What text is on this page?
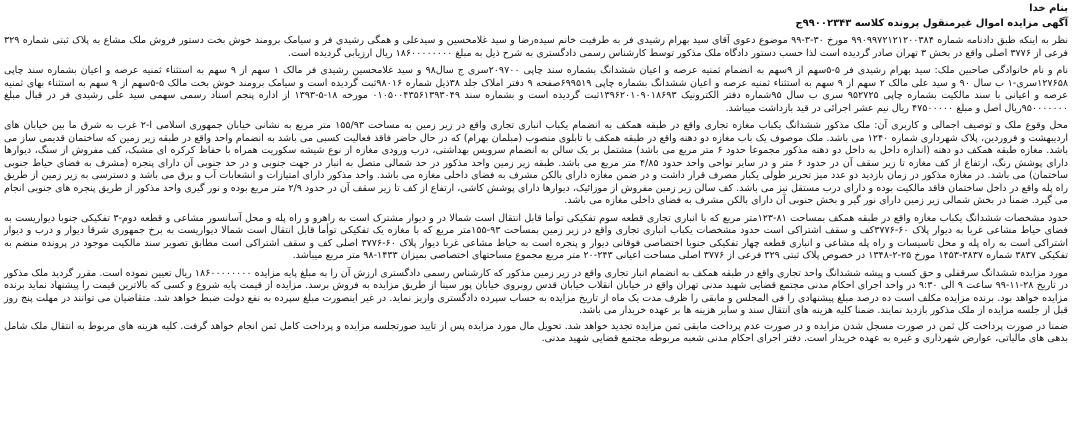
بنام خدا
آگهی مزایده اموال غیرمنقول پرونده کلاسه ۹۹۰۰۲۳۴۳ج

نظر به اینکه طبق دادنامه شماره ۹۹۰۹۹۷۲۱۲۱۲۰۰۳۸۴ مورخ ۳۰-۳-۹۹ موضوع دعوی آقای سید بهرام رشیدی فر به طرفیت خانم سیده‌رضا و سید غلامحسین و سید‌علی و همگی رشیدی فر و سیامک برومند خوش بخت دستور فروش ملک مشاع به پلاک ثبتی شماره ۳۲۹ فرعی از ۳۷۷۶ اصلی واقع در بخش ۳ تهران صادر گردیده است لذا حسب دستور دادگاه ملک مذکور توسط کارشناس رسمی دادگستری به شرح ذیل به مبلغ ۱۸۶۰۰۰۰۰۰۰۰ ریال ارزیابی گردیده است.

نام و نام خانوادگی صاحبین ملک: سید بهرام رشیدی فر ۵-۵سهم از ۹سهم به انضمام ثمنیه عرصه و اعیان ششدانگ بشماره سند چاپی ۲۰۹۷۰۰سری ج سال۹۸ و سید غلامحسین رشیدی فر مالک ۱ سهم از ۹ سهم به استثناء ثمنیه عرصه و اعیان بشماره سند چاپی ۱۲۷۶۵۸سری-۱ ب سال ۹۰ و سید علی مالک ۲ سهم از ۹ سهم به استثناء ثمنیه عرصه و اعیان ششدانگ بشماره چاپی ۶۹۹۵۱۹صفحه ۹ دفتر املاک جلد ۳۸ذیل شماره ۹۸۰۱۶ثبت گردیده است و سیامک برومند خوش بخت مالک ۵-۵سهم از ۹ سهم به استثناء بهای ثمنیه عرصه و اعیانی با سند مالکیت بشماره چاپی ۹۵۲۷۲۵ سری ب سال ۹۵شماره دفتر الکترونیک ۱۳۹۶۲۰۱۰۹۰۱۸۶۹۳ثبت گردیده است و بشماره سند ۰۱۰۵۰۰۴۳۵۶۱۳۹۳۰۴۹ مورخه ۱۸-۵-۱۳۹۳ از اداره پنجم اسناد رسمی سهمی سید علی رشیدی فر در قبال مبلغ ۹۵۰۰۰۰۰۰۰ریال اصل و مبلغ ۴۷۵۰۰۰۰۰ ریال نیم عشر اجرائی در قید بازداشت میباشد.

محل وقوع ملک و توصیف اجمالی و کاربری آن: ملک مذکور ششدانگ یکباب مغازه تجاری واقع در طبقه همکف به انضمام یکباب انباری تجاری واقع در زیر زمین به مساحت ۱۵۵/۹۳ متر مربع به نشانی خیابان جمهوری اسلامی ا-۲ غرب به شرق ما بین خیابان های اردیبهشت و فروردین، پلاک شهرداری شماره ۱۲۴۰ می باشد. ملک موصوف یک باب مغازه دو دهنه واقع در طبقه همکف با تابلوی منصوب (مبلمان بهرام) که در حال حاضر فاقد فعالیت کسبی می باشد به انضمام واحد واقع در طبقه زیر زمین که ساختمان قدیمی ساز می باشد. مغازه طبقه همکف دو دهنه (اندازه داخل به داخل دو دهنه مذکور مجموعا حدود ۶ متر مربع می باشد) مشتمل بر یک سالن به انضمام سرویس بهداشتی، درب ورودی مغازه از نوع شیشه سکوریت همراه با حفاظ کرکره ای مشبک، کف مفروش از سنگ، دیوارها دارای پوشش رنگ، ارتفاع از کف مغازه تا زیر سقف آن در حدود ۶ متر و در سایر نواحی واحد حدود ۴/۸۵ متر مربع می باشد. طبقه زیر زمین واحد مذکور در حد شمالی متصل به انبار در جهت جنوبی و در حد جنوبی آن دارای پنجره (مشرف به فضای حیاط جنوبی ساختمان) می باشد. در مغازه مذکور در زمان بازدید دو عدد میز تحریر طولی یکبار مصرف قرار داشت و در ضمن مغازه دارای بالکن مشرف به فضای داخلی مغازه می باشد. واحد مذکور دارای امتیازات و انشعابات آب و برق می باشد و دسترسی به زیر زمین از طریق راه پله واقع در داخل ساختمان فاقد مالکیت بوده و دارای درب مستقل نیز می باشد. کف سالن زیر زمین مفروش از موزائیک، دیوارها دارای پوشش کاشی، ارتفاع از کف تا زیر سقف آن در حدود ۲/۹ متر مربع بوده و نور گیری واحد مذکور از طریق پنجره های جنوبی انجام می گیرد. ضمنا در بخش شمالی زیر زمین دارای نور گیر و بخش جنوبی آن دارای بالکن مشرف به فضای داخلی مغازه می باشد.

حدود مشخصات ششدانگ یکباب مغازه واقع در طبقه همکف بمساحت ۸۱-۱۲۳متر مربع که با انباری تجاری قطعه سوم تفکیکی توأما قابل انتقال است شمالا در و دیوار مشترک است به راهرو و راه پله و محل آسانسور مشاعی و قطعه دوم-۳ تفکیکی جنوبا دیواریست به فضای حیاط مشاعی غربا به دیوار پلاک ۶۰-۳۷۷۶کف و سقف اشتراکی است حدود مشخصات یکباب انباری تجاری واقع در زیر زمین بمساحت ۹۳-۱۵۵متر مربع که با مغازه یک تفکیکی توأما قابل انتقال است شمالا دیواریست به برخ جمهوری شرقا دیوار و درب و دیوار اشتراکی است به راه پله و محل تاسیسات و راه پله مشاعی و انباری قطعه چهار تفکیکی جنوبا اختصاصی فوقانی دیوار و پنجره است به حیاط مشاعی غربا دیوار پلاک ۶۰-۳۷۷۶ اصلی کف و سقف اشتراکی است مطابق تصویر سند مالکیت موجود در پرونده منضم به تفکیکی ۳۸۳۷ شماره ۳۸۳۷-۱۴۵۳ مورخ ۲۵-۲-۱۳۴۸ در خصوص پلاک ثبتی ۳۲۹ فرعی از ۳۷۷۶ اصلی مساحت اعیانی ۲۴۳-۲۰ متر مربع مجموع مساحتهای اختصاصی بمیزان ۱۴۳۳-۹۸ متر مربع میباشد.

مورد مزایده ششدانگ سرقفلی و حق کسب و پیشه ششدانگ واحد تجاری واقع در طبقه همکف به انضمام انبار تجاری واقع در زیر زمین مذکور که کارشناس رسمی دادگستری ارزش آن را به مبلغ پایه مزایده ۱۸۶۰۰۰۰۰۰۰۰ ریال تعیین نموده است. مقرر گردید ملک مذکور در تاریخ ۲۸-۱۱-۹۹ ساعت ۹ الی ۹:۳۰ در واحد اجرای احکام مدنی مجتمع قضایی شهید مدنی تهران واقع در خیابان انقلاب خیابان قدس روبروی خیابان پور سینا از طریق مزایده به فروش برسد. مزایده از قیمت پایه شروع و کسی که بالاترین قیمت را پیشنهاد نماید برنده مزایده خواهد بود. برنده مزایده مکلف است ده درصد مبلغ پیشنهادی را فی المجلس و مابقی را ظرف مدت یک ماه از تاریخ مزایده به حساب سپرده دادگستری واریز نماید. در غیر اینصورت مبلغ سپرده به نفع دولت ضبط خواهد شد. متقاضیان می توانند در مهلت پنج روز قبل از جلسه مزایده از ملک مذکور بازدید نمایند. ضمنا کلیه هزینه های انتقال سند و سایر هزینه ها بر عهده خریدار می باشد.

ضمنا در صورت پرداخت کل ثمن در صورت مسجل شدن مزایده و در صورت عدم پرداخت مابقی ثمن مزایده تجدید خواهد شد. تحویل مال مورد مزایده پس از تایید صورتجلسه مزایده و پرداخت کامل ثمن انجام خواهد گرفت. کلیه هزینه های مربوط به انتقال ملک شامل بدهی های مالیاتی، عوارض شهرداری و غیره به عهده خریدار است. دفتر اجرای احکام مدنی شعبه مربوطه مجتمع قضایی شهید مدنی.
